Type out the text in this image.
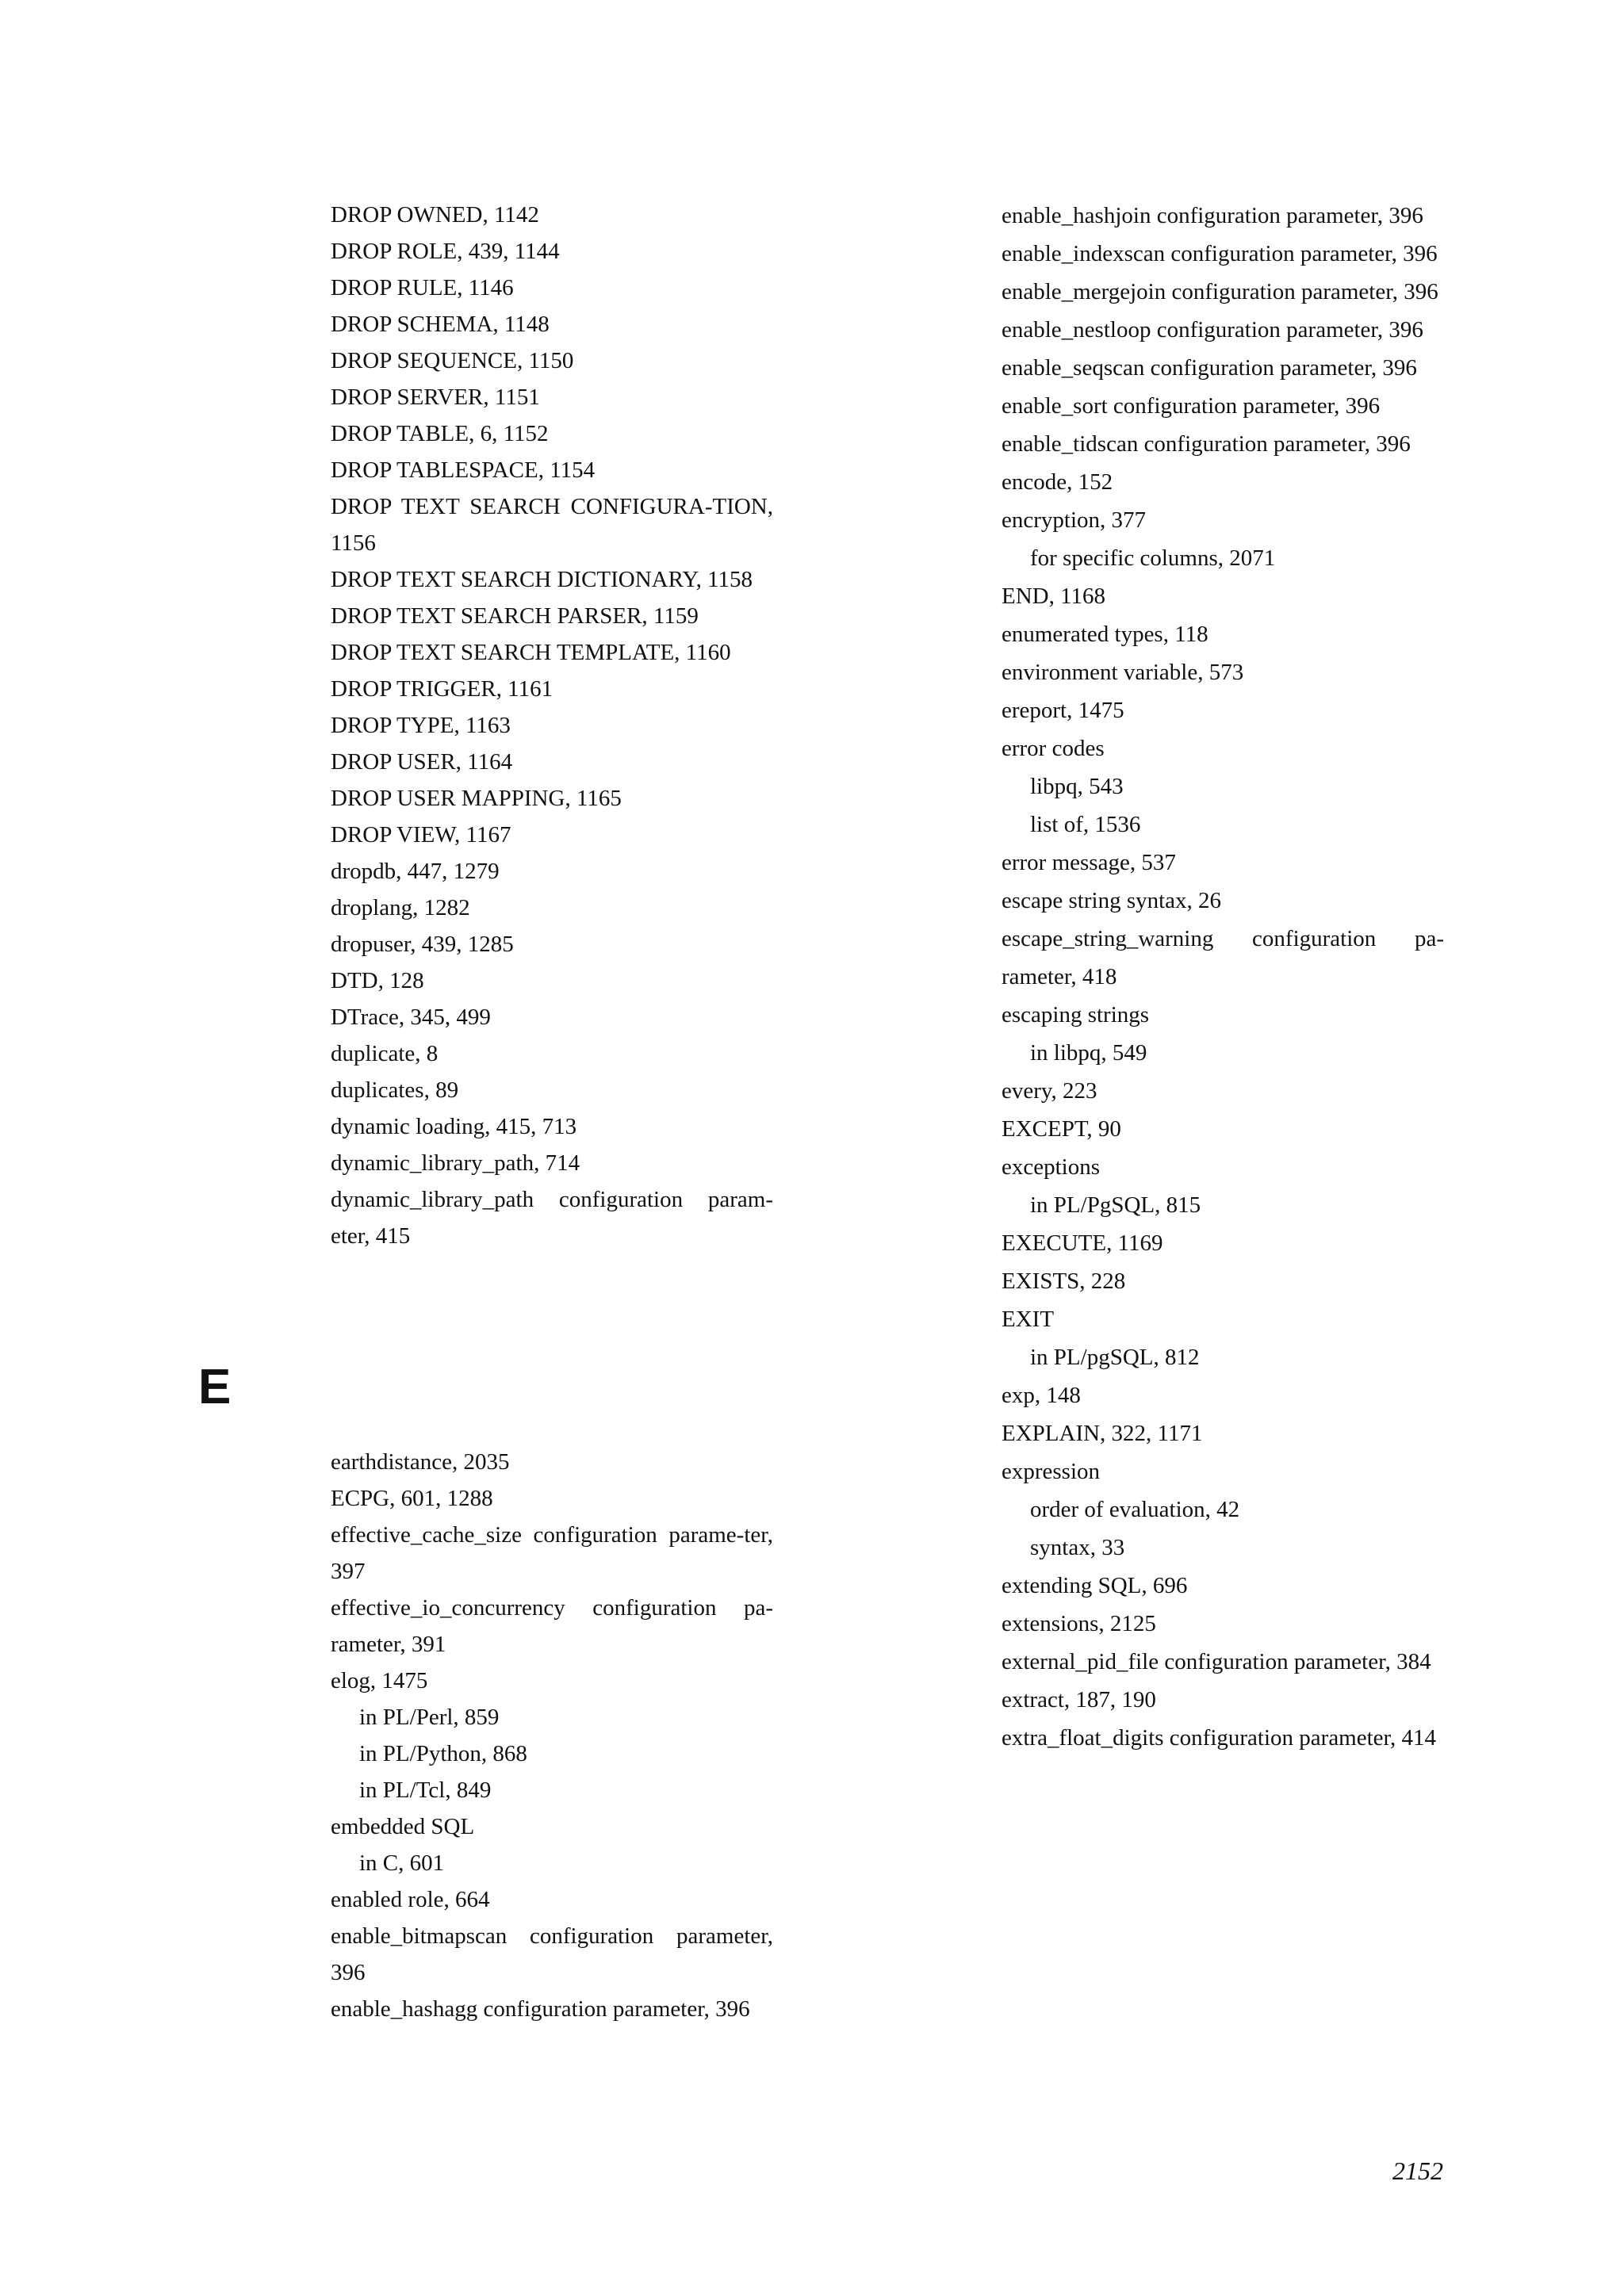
DROP OWNED, 1142
DROP ROLE, 439, 1144
DROP RULE, 1146
DROP SCHEMA, 1148
DROP SEQUENCE, 1150
DROP SERVER, 1151
DROP TABLE, 6, 1152
DROP TABLESPACE, 1154
DROP TEXT SEARCH CONFIGURA-TION, 1156
DROP TEXT SEARCH DICTIONARY, 1158
DROP TEXT SEARCH PARSER, 1159
DROP TEXT SEARCH TEMPLATE, 1160
DROP TRIGGER, 1161
DROP TYPE, 1163
DROP USER, 1164
DROP USER MAPPING, 1165
DROP VIEW, 1167
dropdb, 447, 1279
droplang, 1282
dropuser, 439, 1285
DTD, 128
DTrace, 345, 499
duplicate, 8
duplicates, 89
dynamic loading, 415, 713
dynamic_library_path, 714
dynamic_library_path configuration param-eter, 415
E
earthdistance, 2035
ECPG, 601, 1288
effective_cache_size configuration parame-ter, 397
effective_io_concurrency configuration pa-rameter, 391
elog, 1475
in PL/Perl, 859
in PL/Python, 868
in PL/Tcl, 849
embedded SQL
in C, 601
enabled role, 664
enable_bitmapscan configuration parameter, 396
enable_hashagg configuration parameter, 396
enable_hashjoin configuration parameter, 396
enable_indexscan configuration parameter, 396
enable_mergejoin configuration parameter, 396
enable_nestloop configuration parameter, 396
enable_seqscan configuration parameter, 396
enable_sort configuration parameter, 396
enable_tidscan configuration parameter, 396
encode, 152
encryption, 377
for specific columns, 2071
END, 1168
enumerated types, 118
environment variable, 573
ereport, 1475
error codes
libpq, 543
list of, 1536
error message, 537
escape string syntax, 26
escape_string_warning configuration pa-rameter, 418
escaping strings
in libpq, 549
every, 223
EXCEPT, 90
exceptions
in PL/PgSQL, 815
EXECUTE, 1169
EXISTS, 228
EXIT
in PL/pgSQL, 812
exp, 148
EXPLAIN, 322, 1171
expression
order of evaluation, 42
syntax, 33
extending SQL, 696
extensions, 2125
external_pid_file configuration parameter, 384
extract, 187, 190
extra_float_digits configuration parameter, 414
2152
